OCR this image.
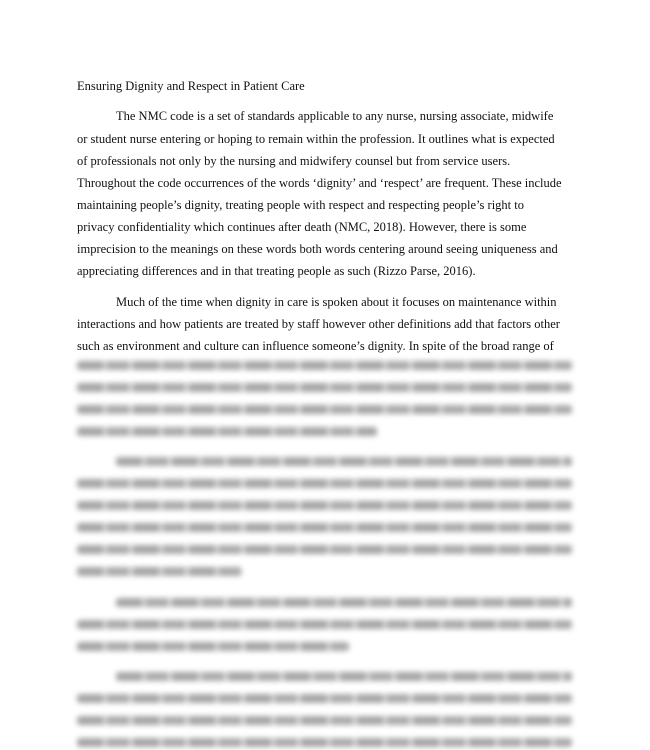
Ensuring Dignity and Respect in Patient Care
The NMC code is a set of standards applicable to any nurse, nursing associate, midwife
or student nurse entering or hoping to remain within the profession. It outlines what is expected
of professionals not only by the nursing and midwifery counsel but from service users.
Throughout the code occurrences of the words ‘dignity’ and ‘respect’ are frequent. These include
maintaining people’s dignity, treating people with respect and respecting people’s right to
privacy confidentiality which continues after death (NMC, 2018). However, there is some
imprecision to the meanings on these words both words centering around seeing uniqueness and
appreciating differences and in that treating people as such (Rizzo Parse, 2016).
Much of the time when dignity in care is spoken about it focuses on maintenance within
interactions and how patients are treated by staff however other definitions add that factors other
such as environment and culture can influence someone’s dignity. In spite of the broad range of
